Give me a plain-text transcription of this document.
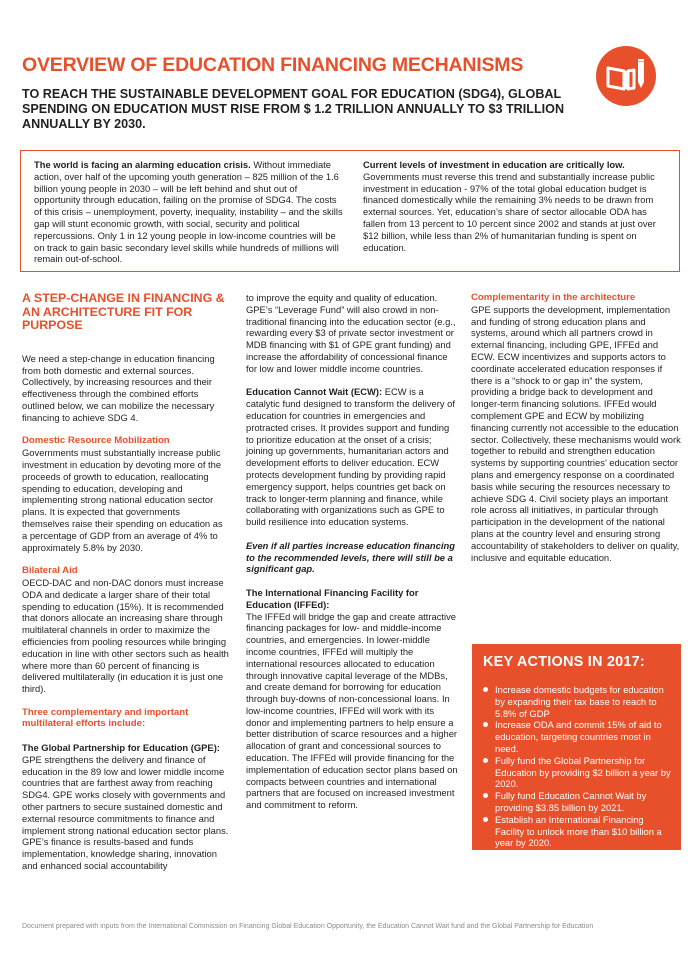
OVERVIEW OF EDUCATION FINANCING MECHANISMS
TO REACH THE SUSTAINABLE DEVELOPMENT GOAL FOR EDUCATION (SDG4), GLOBAL SPENDING ON EDUCATION MUST RISE FROM $ 1.2 TRILLION ANNUALLY TO $3 TRILLION ANNUALLY BY 2030.
The world is facing an alarming education crisis. Without immediate action, over half of the upcoming youth generation – 825 million of the 1.6 billion young people in 2030 – will be left behind and shut out of opportunity through education, failing on the promise of SDG4. The costs of this crisis – unemployment, poverty, inequality, instability – and the skills gap will stunt economic growth, with social, security and political repercussions. Only 1 in 12 young people in low-income countries will be on track to gain basic secondary level skills while hundreds of millions will remain out-of-school.
Current levels of investment in education are critically low. Governments must reverse this trend and substantially increase public investment in education - 97% of the total global education budget is financed domestically while the remaining 3% needs to be drawn from external sources. Yet, education’s share of sector allocable ODA has fallen from 13 percent to 10 percent since 2002 and stands at just over $12 billion, while less than 2% of humanitarian funding is spent on education.
A STEP-CHANGE IN FINANCING & AN ARCHITECTURE FIT FOR PURPOSE

We need a step-change in education financing from both domestic and external sources. Collectively, by increasing resources and their effectiveness through the combined efforts outlined below, we can mobilize the necessary financing to achieve SDG 4.

Domestic Resource Mobilization

Governments must substantially increase public investment in education by devoting more of the proceeds of growth to education, reallocating spending to education, developing and implementing strong national education sector plans. It is expected that governments themselves raise their spending on education as a percentage of GDP from an average of 4% to approximately 5.8% by 2030.

Bilateral Aid

OECD-DAC and non-DAC donors must increase ODA and dedicate a larger share of their total spending to education (15%). It is recommended that donors allocate an increasing share through multilateral channels in order to maximize the efficiencies from pooling resources while bringing education in line with other sectors such as health where more than 60 percent of financing is delivered multilaterally (in education it is just one third).

Three complementary and important multilateral efforts include:

The Global Partnership for Education (GPE): GPE strengthens the delivery and finance of education in the 89 low and lower middle income countries that are farthest away from reaching SDG4. GPE works closely with governments and other partners to secure sustained domestic and external resource commitments to finance and implement strong national education sector plans. GPE’s finance is results-based and funds implementation, knowledge sharing, innovation and enhanced social accountability

to improve the equity and quality of education. GPE’s “Leverage Fund” will also crowd in non-traditional financing into the education sector (e.g., rewarding every $3 of private sector investment or MDB financing with $1 of GPE grant funding) and increase the affordability of concessional finance for low and lower middle income countries.

Education Cannot Wait (ECW): ECW is a catalytic fund designed to transform the delivery of education for countries in emergencies and protracted crises. It provides support and funding to prioritize education at the onset of a crisis; joining up governments, humanitarian actors and development efforts to deliver education. ECW protects development funding by providing rapid emergency support, helps countries get back on track to longer-term planning and finance, while collaborating with organizations such as GPE to build resilience into education systems.

Even if all parties increase education financing to the recommended levels, there will still be a significant gap.

The International Financing Facility for Education (IFFEd):

The IFFEd will bridge the gap and create attractive financing packages for low- and middle-income countries, and emergencies. In lower-middle income countries, IFFEd will multiply the international resources allocated to education through innovative capital leverage of the MDBs, and create demand for borrowing for education through buy-downs of non-concessional loans. In low-income countries, IFFEd will work with its donor and implementing partners to help ensure a better distribution of scarce resources and a higher allocation of grant and concessional sources to education. The IFFEd will provide financing for the implementation of education sector plans based on compacts between countries and international partners that are focused on increased investment and commitment to reform.

Complementarity in the architecture

GPE supports the development, implementation and funding of strong education plans and systems, around which all partners crowd in external financing, including GPE, IFFEd and ECW. ECW incentivizes and supports actors to coordinate accelerated education responses if there is a “shock to or gap in” the system, providing a bridge back to development and longer-term financing solutions. IFFEd would complement GPE and ECW by mobilizing financing currently not accessible to the education sector. Collectively, these mechanisms would work together to rebuild and strengthen education systems by supporting countries’ education sector plans and emergency response on a coordinated basis while securing the resources necessary to achieve SDG 4. Civil society plays an important role across all initiatives, in particular through participation in the development of the national plans at the country level and ensuring strong accountability of stakeholders to deliver on quality, inclusive and equitable education.

KEY ACTIONS IN 2017:
Increase domestic budgets for education by expanding their tax base to reach to 5.8% of GDP
Increase ODA and commit 15% of aid to education, targeting countries most in need.
Fully fund the Global Partnership for Education by providing $2 billion a year by 2020.
Fully fund Education Cannot Wait by providing $3.85 billion by 2021.
Establish an International Financing Facility to unlock more than $10 billion a year by 2020.
Document prepared with inputs from the International Commission on Financing Global Education Opportunity, the Education Cannot Wait fund and the Global Partnership for Education
